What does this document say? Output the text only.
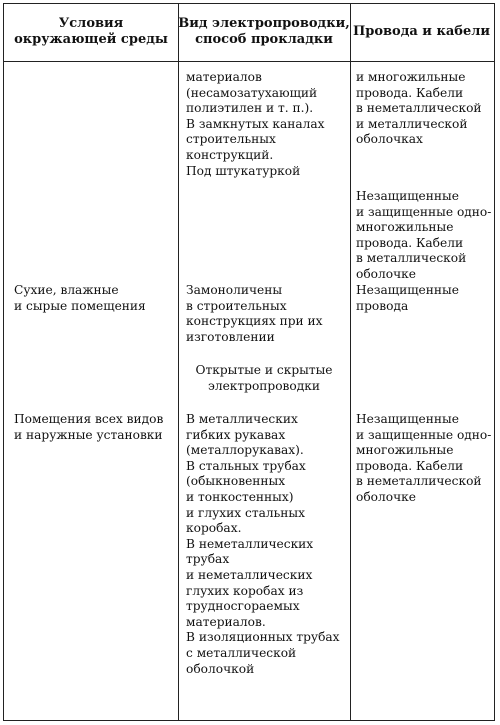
Условия
окружающей среды
Вид электропроводки,
способ прокладки
Провода и кабели
материалов
(несамозатухающий
полиэтилен и т. п.).
В замкнутых каналах
строительных
конструкций.
Под штукатуркой
Замоноличены
в строительных
конструкциях при их
изготовлении
Открытые и скрытые
электропроводки
В металлических
гибких рукавах
(металлорукавах).
В стальных трубах
(обыкновенных
и тонкостенных)
и глухих стальных
коробах.
В неметаллических
трубах
и неметаллических
глухих коробах из
трудносгораемых
материалов.
В изоляционных трубах
с металлической
оболочкой
и многожильные
провода. Кабели
в неметаллической
и металлической
оболочках
Незащищенные
и защищенные одно-
многожильные
провода. Кабели
в металлической
оболочке
Незащищенные
провода
Незащищенные
и защищенные одно-
многожильные
провода. Кабели
в неметаллической
оболочке
Сухие, влажные
и сырые помещения
Помещения всех видов
и наружные установки
